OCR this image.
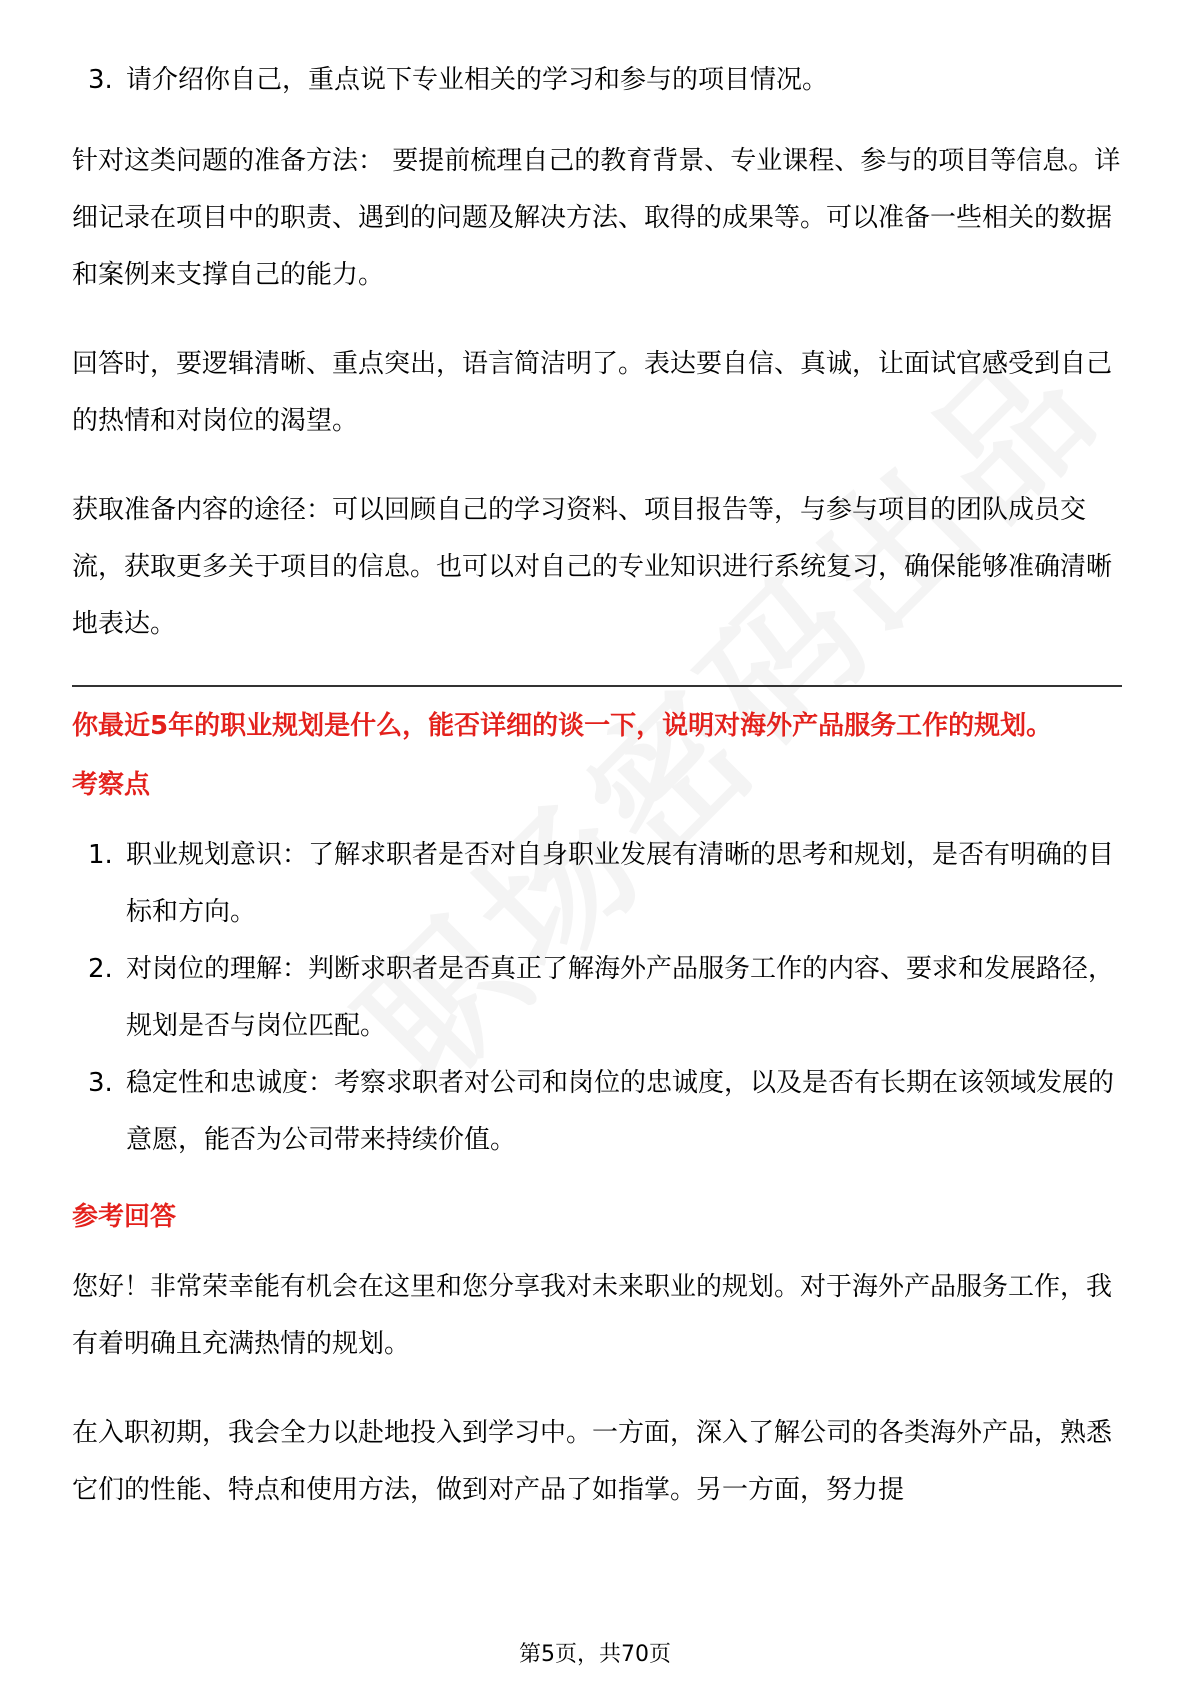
3. 请介绍你自己，重点说下专业相关的学习和参与的项目情况。

针对这类问题的准备方法： 要提前梳理自己的教育背景、专业课程、参与的项目等信息。详细记录在项目中的职责、遇到的问题及解决方法、取得的成果等。可以准备一些相关的数据和案例来支撑自己的能力。

回答时，要逻辑清晰、重点突出，语言简洁明了。表达要自信、真诚，让面试官感受到自己的热情和对岗位的渴望。

获取准备内容的途径：可以回顾自己的学习资料、项目报告等，与参与项目的团队成员交流，获取更多关于项目的信息。也可以对自己的专业知识进行系统复习，确保能够准确清晰地表达。

你最近5年的职业规划是什么，能否详细的谈一下，说明对海外产品服务工作的规划。
考察点
1. 职业规划意识：了解求职者是否对自身职业发展有清晰的思考和规划，是否有明确的目标和方向。
2. 对岗位的理解：判断求职者是否真正了解海外产品服务工作的内容、要求和发展路径，规划是否与岗位匹配。
3. 稳定性和忠诚度：考察求职者对公司和岗位的忠诚度，以及是否有长期在该领域发展的意愿，能否为公司带来持续价值。
参考回答

您好！非常荣幸能有机会在这里和您分享我对未来职业的规划。对于海外产品服务工作，我有着明确且充满热情的规划。

在入职初期，我会全力以赴地投入到学习中。一方面，深入了解公司的各类海外产品，熟悉它们的性能、特点和使用方法，做到对产品了如指掌。另一方面，努力提

第5页，共70页
